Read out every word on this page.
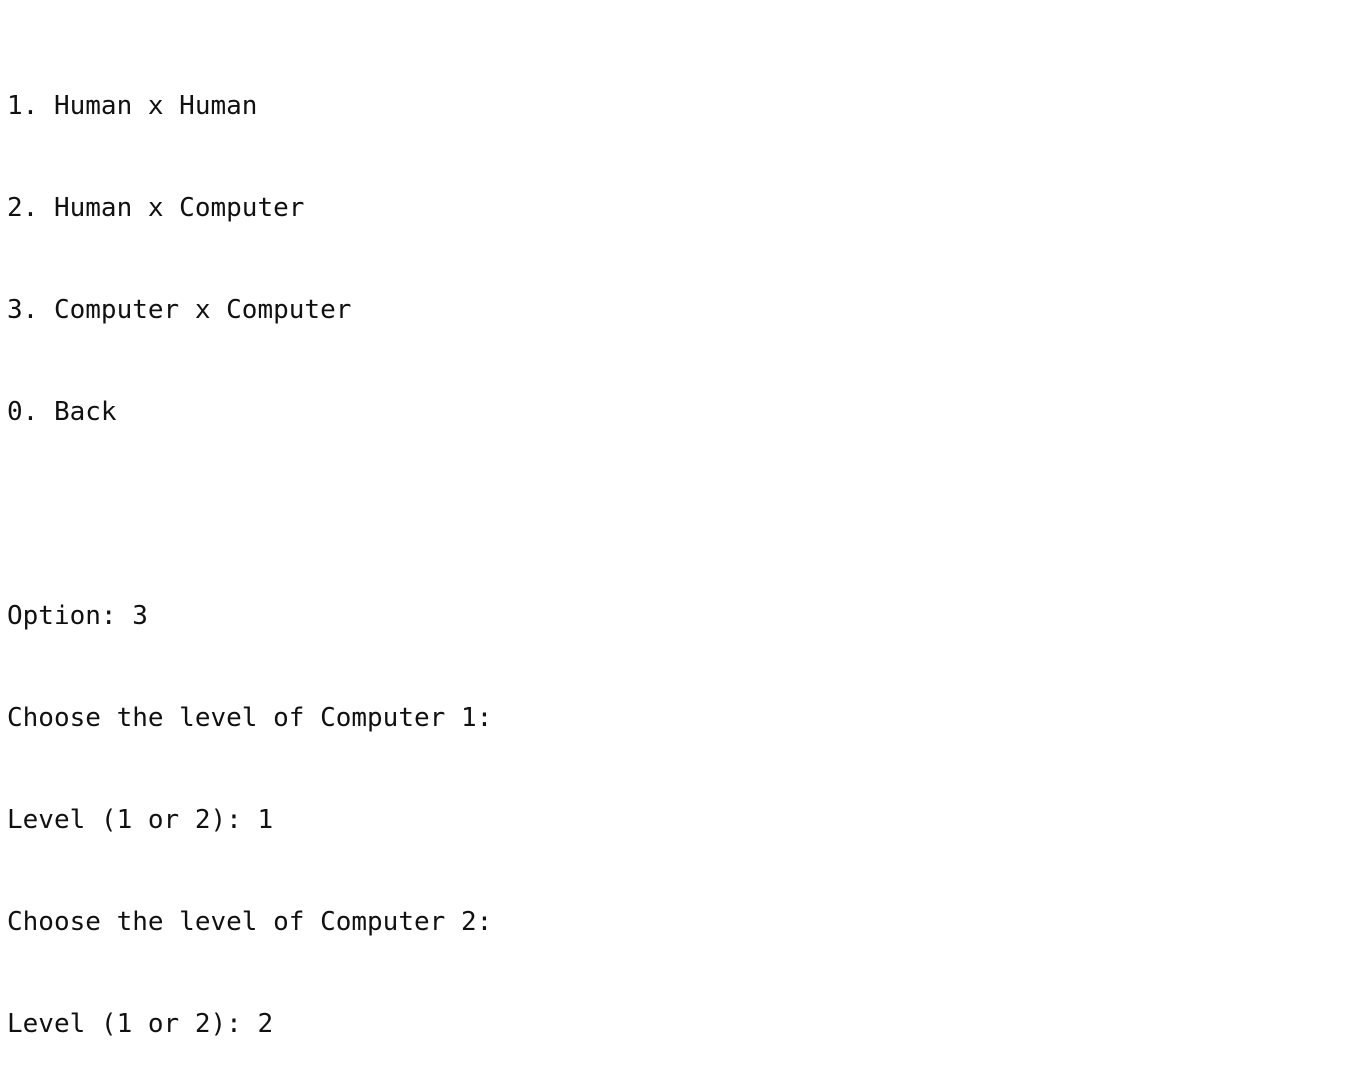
1. Human x Human

2. Human x Computer

3. Computer x Computer

0. Back

Option: 3

Choose the level of Computer 1:

Level (1 or 2): 1

Choose the level of Computer 2:

Level (1 or 2): 2
